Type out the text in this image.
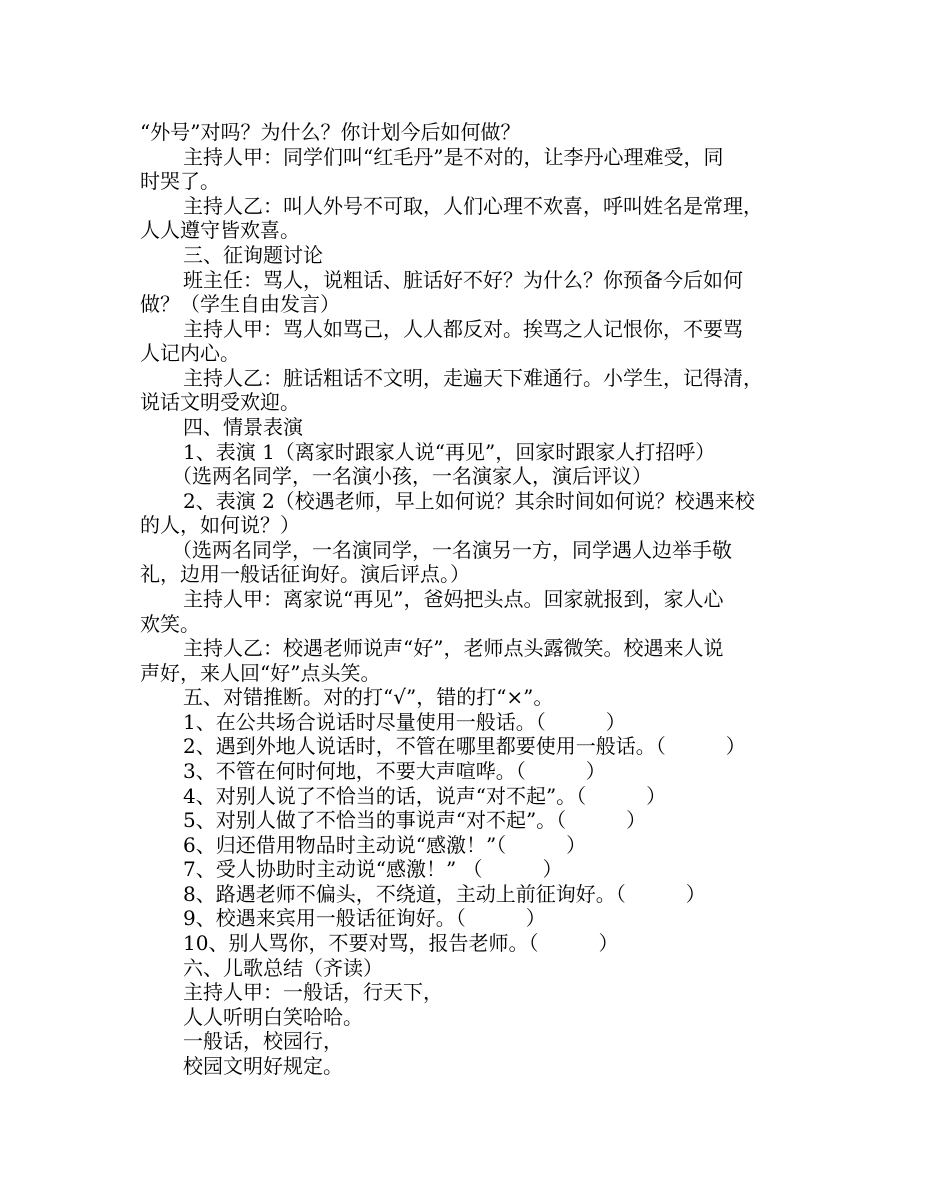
“外号”对吗？为什么？你计划今后如何做？
主持人甲：同学们叫“红毛丹”是不对的，让李丹心理难受，同
时哭了。
主持人乙：叫人外号不可取，人们心理不欢喜，呼叫姓名是常理，
人人遵守皆欢喜。
三、征询题讨论
班主任：骂人，说粗话、脏话好不好？为什么？你预备今后如何
做？（学生自由发言）
主持人甲：骂人如骂己，人人都反对。挨骂之人记恨你，不要骂
人记内心。
主持人乙：脏话粗话不文明，走遍天下难通行。小学生，记得清，
说话文明受欢迎。
四、情景表演
1、表演 1（离家时跟家人说“再见”，回家时跟家人打招呼）
（选两名同学，一名演小孩，一名演家人，演后评议）
2、表演 2（校遇老师，早上如何说？其余时间如何说？校遇来校
的人，如何说？）
（选两名同学，一名演同学，一名演另一方，同学遇人边举手敬
礼，边用一般话征询好。演后评点。）
主持人甲：离家说“再见”，爸妈把头点。回家就报到，家人心
欢笑。
主持人乙：校遇老师说声“好”，老师点头露微笑。校遇来人说
声好，来人回“好”点头笑。
五、对错推断。对的打“√”，错的打“×”。
1、在公共场合说话时尽量使用一般话。（　　　）
2、遇到外地人说话时，不管在哪里都要使用一般话。（　　　）
3、不管在何时何地，不要大声喧哗。（　　　）
4、对别人说了不恰当的话，说声“对不起”。（　　　）
5、对别人做了不恰当的事说声“对不起”。（　　　）
6、归还借用物品时主动说“感激！”（　　　）
7、受人协助时主动说“感激！” （　　　）
8、路遇老师不偏头，不绕道，主动上前征询好。（　　　）
9、校遇来宾用一般话征询好。（　　　）
10、别人骂你，不要对骂，报告老师。（　　　）
六、儿歌总结（齐读）
主持人甲：一般话，行天下，
人人听明白笑哈哈。
一般话，校园行，
校园文明好规定。
